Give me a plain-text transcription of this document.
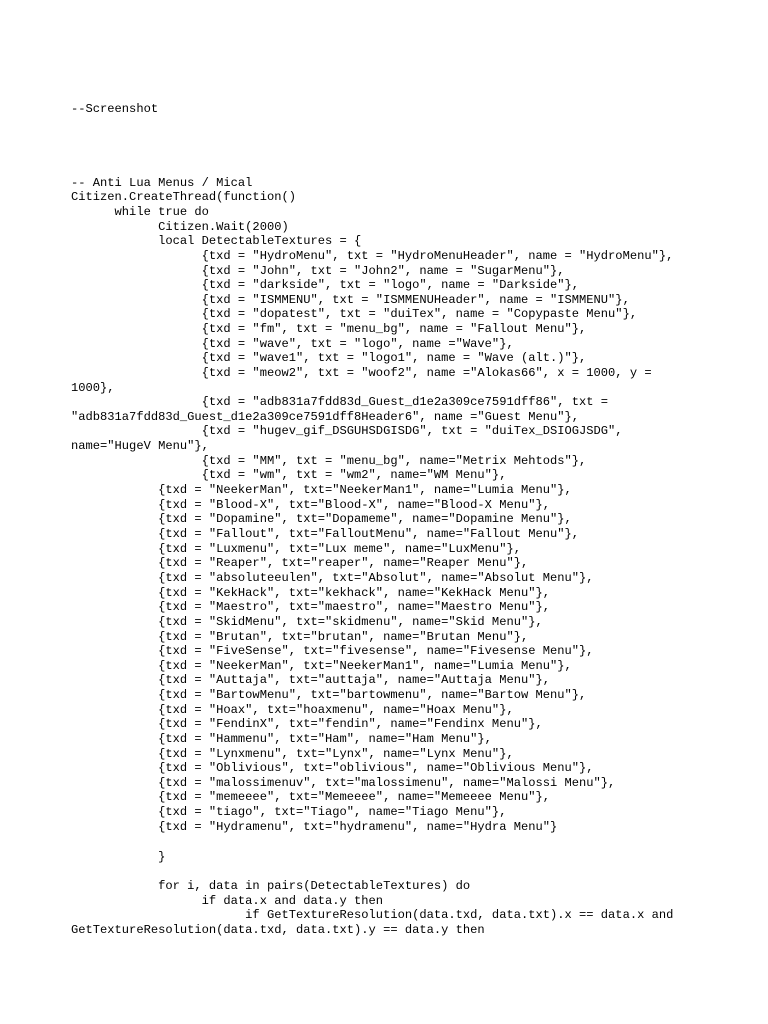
--Screenshot
-- Anti Lua Menus / Mical
Citizen.CreateThread(function()
while true do
Citizen.Wait(2000)
local DetectableTextures = {
{txd = "HydroMenu", txt = "HydroMenuHeader", name = "HydroMenu"},
{txd = "John", txt = "John2", name = "SugarMenu"},
{txd = "darkside", txt = "logo", name = "Darkside"},
{txd = "ISMMENU", txt = "ISMMENUHeader", name = "ISMMENU"},
{txd = "dopatest", txt = "duiTex", name = "Copypaste Menu"},
{txd = "fm", txt = "menu_bg", name = "Fallout Menu"},
{txd = "wave", txt = "logo", name ="Wave"},
{txd = "wave1", txt = "logo1", name = "Wave (alt.)"},
{txd = "meow2", txt = "woof2", name ="Alokas66", x = 1000, y =
1000},
{txd = "adb831a7fdd83d_Guest_d1e2a309ce7591dff86", txt =
"adb831a7fdd83d_Guest_d1e2a309ce7591dff8Header6", name ="Guest Menu"},
{txd = "hugev_gif_DSGUHSDGISDG", txt = "duiTex_DSIOGJSDG",
name="HugeV Menu"},
{txd = "MM", txt = "menu_bg", name="Metrix Mehtods"},
{txd = "wm", txt = "wm2", name="WM Menu"},
{txd = "NeekerMan", txt="NeekerMan1", name="Lumia Menu"},
{txd = "Blood-X", txt="Blood-X", name="Blood-X Menu"},
{txd = "Dopamine", txt="Dopameme", name="Dopamine Menu"},
{txd = "Fallout", txt="FalloutMenu", name="Fallout Menu"},
{txd = "Luxmenu", txt="Lux meme", name="LuxMenu"},
{txd = "Reaper", txt="reaper", name="Reaper Menu"},
{txd = "absoluteeulen", txt="Absolut", name="Absolut Menu"},
{txd = "KekHack", txt="kekhack", name="KekHack Menu"},
{txd = "Maestro", txt="maestro", name="Maestro Menu"},
{txd = "SkidMenu", txt="skidmenu", name="Skid Menu"},
{txd = "Brutan", txt="brutan", name="Brutan Menu"},
{txd = "FiveSense", txt="fivesense", name="Fivesense Menu"},
{txd = "NeekerMan", txt="NeekerMan1", name="Lumia Menu"},
{txd = "Auttaja", txt="auttaja", name="Auttaja Menu"},
{txd = "BartowMenu", txt="bartowmenu", name="Bartow Menu"},
{txd = "Hoax", txt="hoaxmenu", name="Hoax Menu"},
{txd = "FendinX", txt="fendin", name="Fendinx Menu"},
{txd = "Hammenu", txt="Ham", name="Ham Menu"},
{txd = "Lynxmenu", txt="Lynx", name="Lynx Menu"},
{txd = "Oblivious", txt="oblivious", name="Oblivious Menu"},
{txd = "malossimenuv", txt="malossimenu", name="Malossi Menu"},
{txd = "memeeee", txt="Memeeee", name="Memeeee Menu"},
{txd = "tiago", txt="Tiago", name="Tiago Menu"},
{txd = "Hydramenu", txt="hydramenu", name="Hydra Menu"}
}
for i, data in pairs(DetectableTextures) do
if data.x and data.y then
if GetTextureResolution(data.txd, data.txt).x == data.x and
GetTextureResolution(data.txd, data.txt).y == data.y then
